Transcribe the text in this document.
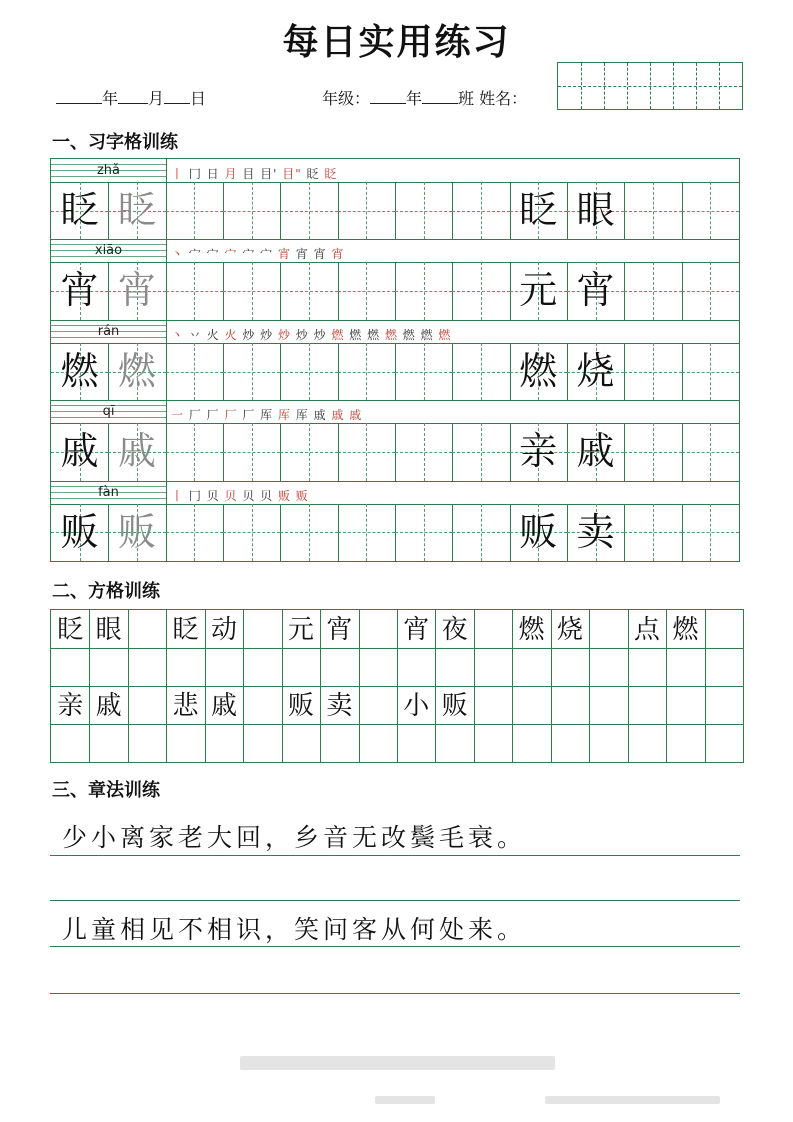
每日实用练习
年 月 日	年级： 年 班 姓名：
一、习字格训练
zhǎ	丨 冂 日 月 目 目' 目" 眨 眨
眨 眨	眨 眼
xiāo	丶 宀 宀 宀 宀 宀 宵 宵 宵 宵
宵 宵	元 宵
rán	丶 丷 火 火 炒 炒 炒 炒 炒 燃 燃 燃 燃 燃 燃 燃
燃 燃	燃 烧
qī	一 厂 厂 厂 厂 厍 厍 厍 戚 戚 戚
戚 戚	亲 戚
fàn	丨 冂 贝 贝 贝 贝 贩 贩
贩 贩	贩 卖
二、方格训练
眨 眼 眨 动 元 宵 宵 夜 燃 烧 点 燃
亲 戚 悲 戚 贩 卖 小 贩
三、章法训练
少小离家老大回，乡音无改鬓毛衰。
儿童相见不相识，笑问客从何处来。
